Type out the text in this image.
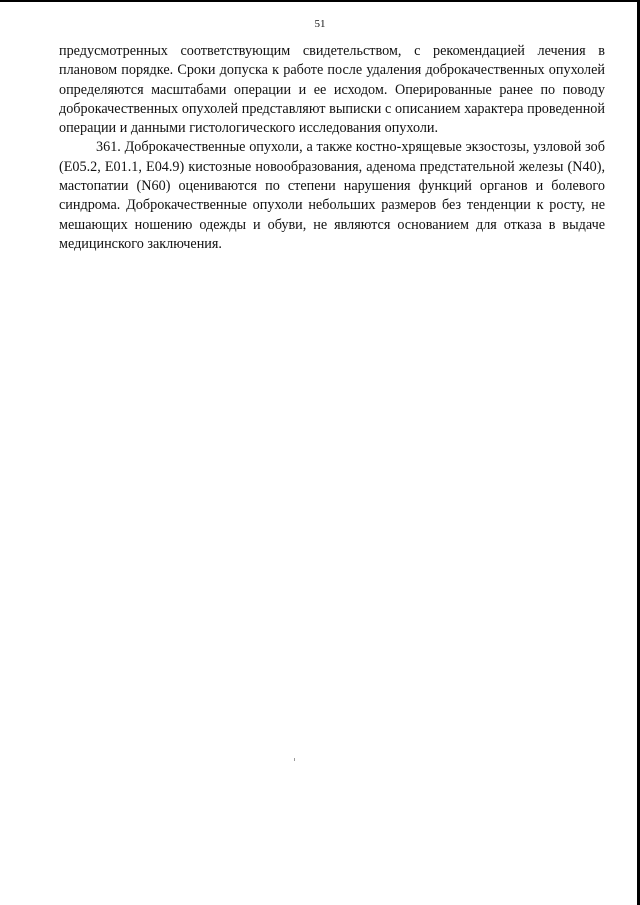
51

предусмотренных соответствующим свидетельством, с рекомендацией лечения в плановом порядке. Сроки допуска к работе после удаления доброкачественных опухолей определяются масштабами операции и ее исходом. Оперированные ранее по поводу доброкачественных опухолей представляют выписки с описанием характера проведенной операции и данными гистологического исследования опухоли.

361. Доброкачественные опухоли, а также костно-хрящевые экзостозы, узловой зоб (E05.2, E01.1, E04.9) кистозные новообразования, аденома предстательной железы (N40), мастопатии (N60) оцениваются по степени нарушения функций органов и болевого синдрома. Доброкачественные опухоли небольших размеров без тенденции к росту, не мешающих ношению одежды и обуви, не являются основанием для отказа в выдаче медицинского заключения.
